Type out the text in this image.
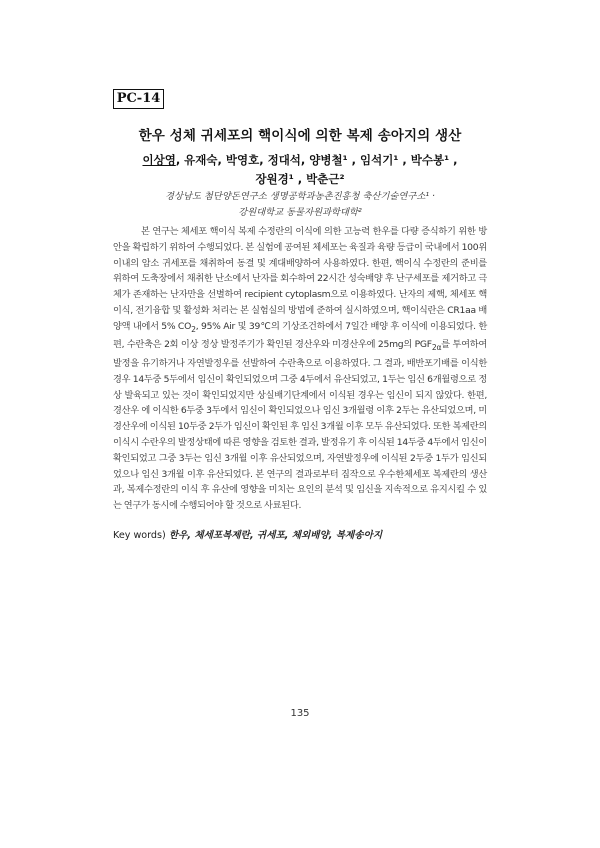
PC-14
한우 성체 귀세포의 핵이식에 의한 복제 송아지의 생산
이상영, 유재숙, 박영호, 정대석, 양병철¹ , 임석기¹ , 박수봉¹ ,
장원경¹ , 박춘근²
경상남도 첨단양돈연구소 생명공학과농촌진흥청 축산기술연구소¹ ·
강원대학교 동물자원과학대학²

본 연구는 체세포 핵이식 복제 수정란의 이식에 의한 고능력 한우를 다량 증식하기 위한 방안을 확립하기 위하여 수행되었다. 본 실험에 공여된 체세포는 육질과 육량 등급이 국내에서 100위 이내의 암소 귀세포를 채취하여 동결 및 계대배양하여 사용하였다. 한편, 핵이식 수정란의 준비를 위하여 도축장에서 채취한 난소에서 난자를 회수하여 22시간 성숙배양 후 난구세포를 제거하고 극체가 존재하는 난자만을 선별하여 recipient cytoplasm으로 이용하였다. 난자의 제핵, 체세포 핵이식, 전기융합 및 활성화 처리는 본 실험실의 방법에 준하여 실시하였으며, 핵이식란은 CR1aa 배양액 내에서 5% $CO_2$, 95% Air 및 39℃의 기상조건하에서 7일간 배양 후 이식에 이용되었다. 한편, 수란축은 2회 이상 정상 발정주기가 확인된 경산우와 미경산우에 25mg의 $PGF_{2\alpha}$를 투여하여 발정을 유기하거나 자연발정우를 선발하여 수란축으로 이용하였다. 그 결과, 배반포기배를 이식한 경우 14두중 5두에서 임신이 확인되었으며 그중 4두에서 유산되었고, 1두는 임신 6개월령으로 정상 발육되고 있는 것이 확인되었지만 상실배기단계에서 이식된 경우는 임신이 되지 않았다. 한편, 경산우 에 이식한 6두중 3두에서 임신이 확인되었으나 임신 3개월령 이후 2두는 유산되었으며, 미경산우에 이식된 10두중 2두가 임신이 확인된 후 임신 3개월 이후 모두 유산되었다. 또한 복제란의 이식시 수란우의 발정상태에 따른 영향을 검토한 결과, 발정유기 후 이식된 14두중 4두에서 임신이 확인되었고 그중 3두는 임신 3개월 이후 유산되었으며, 자연발정우에 이식된 2두중 1두가 임신되었으나 임신 3개월 이후 유산되었다. 본 연구의 결과로부터 짐작으로 우수한체세포 복제란의 생산과, 복제수정란의 이식 후 유산에 영향을 미치는 요인의 분석 및 임신을 지속적으로 유지시킬 수 있는 연구가 동시에 수행되어야 할 것으로 사료된다.

Key words) 한우, 체세포복제란, 귀세포, 체외배양, 복제송아지
135
